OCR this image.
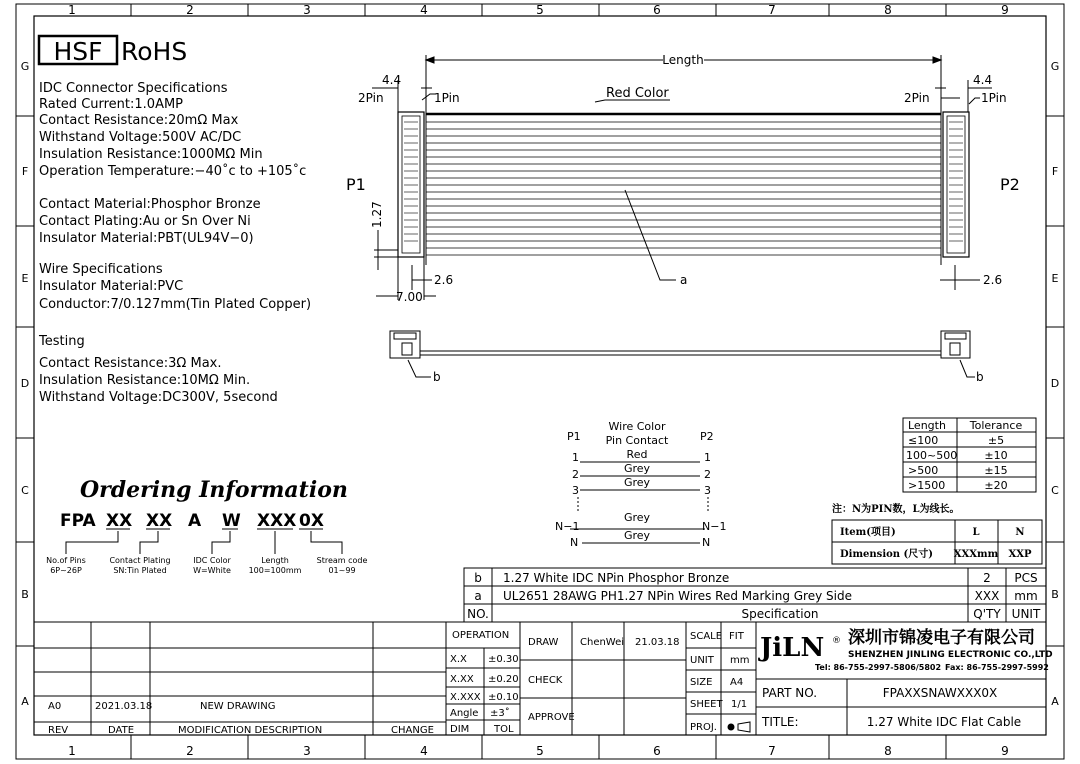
1	2	3	4	5	6	7	8	9
1	2	3	4	5	6	7	8	9
G
F
E
D
C
B
A
G
F
E
D
C
B
A
HSF RoHS
IDC Connector Specifications
Rated Current:1.0AMP
Contact Resistance:20mΩ Max
Withstand Voltage:500V AC/DC
Insulation Resistance:1000MΩ Min
Operation Temperature:−40˚c to +105˚c
Contact Material:Phosphor Bronze
Contact Plating:Au or Sn Over Ni
Insulator Material:PBT(UL94V−0)
Wire Specifications
Insulator Material:PVC
Conductor:7/0.127mm(Tin Plated Copper)
Testing
Contact Resistance:3Ω Max.
Insulation Resistance:10MΩ Min.
Withstand Voltage:DC300V, 5second
Length
4.4	4.4
2Pin	1Pin	2Pin	1Pin
Red Color
P1	P2
1.27
2.6	2.6
7.00
a
b	b
P1	P2
Wire Color
Pin Contact
1	Red	1
2	Grey	2
3
Grey
3
N−1
Grey
N−1
N
Grey
N
Length Tolerance
≤100	±5
100~500 ±10
>500	±15
>1500	±20
注：N为PIN数，L为线长。
Item(项目)	L	N
Dimension (尺寸) XXXmm XXP
Ordering Information
FPA XX XX A W XXX 0X
No.of Pins
6P~26P
Contact Plating
SN:Tin Plated
IDC Color
W=White
Length
100=100mm
Stream code
01~99
b 1.27 White IDC NPin Phosphor Bronze	2 PCS
a UL2651 28AWG PH1.27 NPin Wires Red Marking Grey Side	XXX mm
NO.	Specification	Q'TY UNIT
A0	2021.03.18	NEW DRAWING
REV	DATE	MODIFICATION DESCRIPTION	CHANGE
OPERATION
X.X ±0.30
X.XX ±0.20
X.XXX ±0.10
Angle ±3˚
DIM TOL
DRAW ChenWei 21.03.18
CHECK
APPROVE
SCALE FIT
UNIT mm
SIZE A4
SHEET 1/1
PROJ.
JiLN ® 深圳市锦凌电子有限公司
SHENZHEN JINLING ELECTRONIC CO.,LTD
Tel: 86-755-2997-5806/5802 Fax: 86-755-2997-5992
PART NO.	FPAXXSNAWXXX0X
TITLE:	1.27 White IDC Flat Cable
